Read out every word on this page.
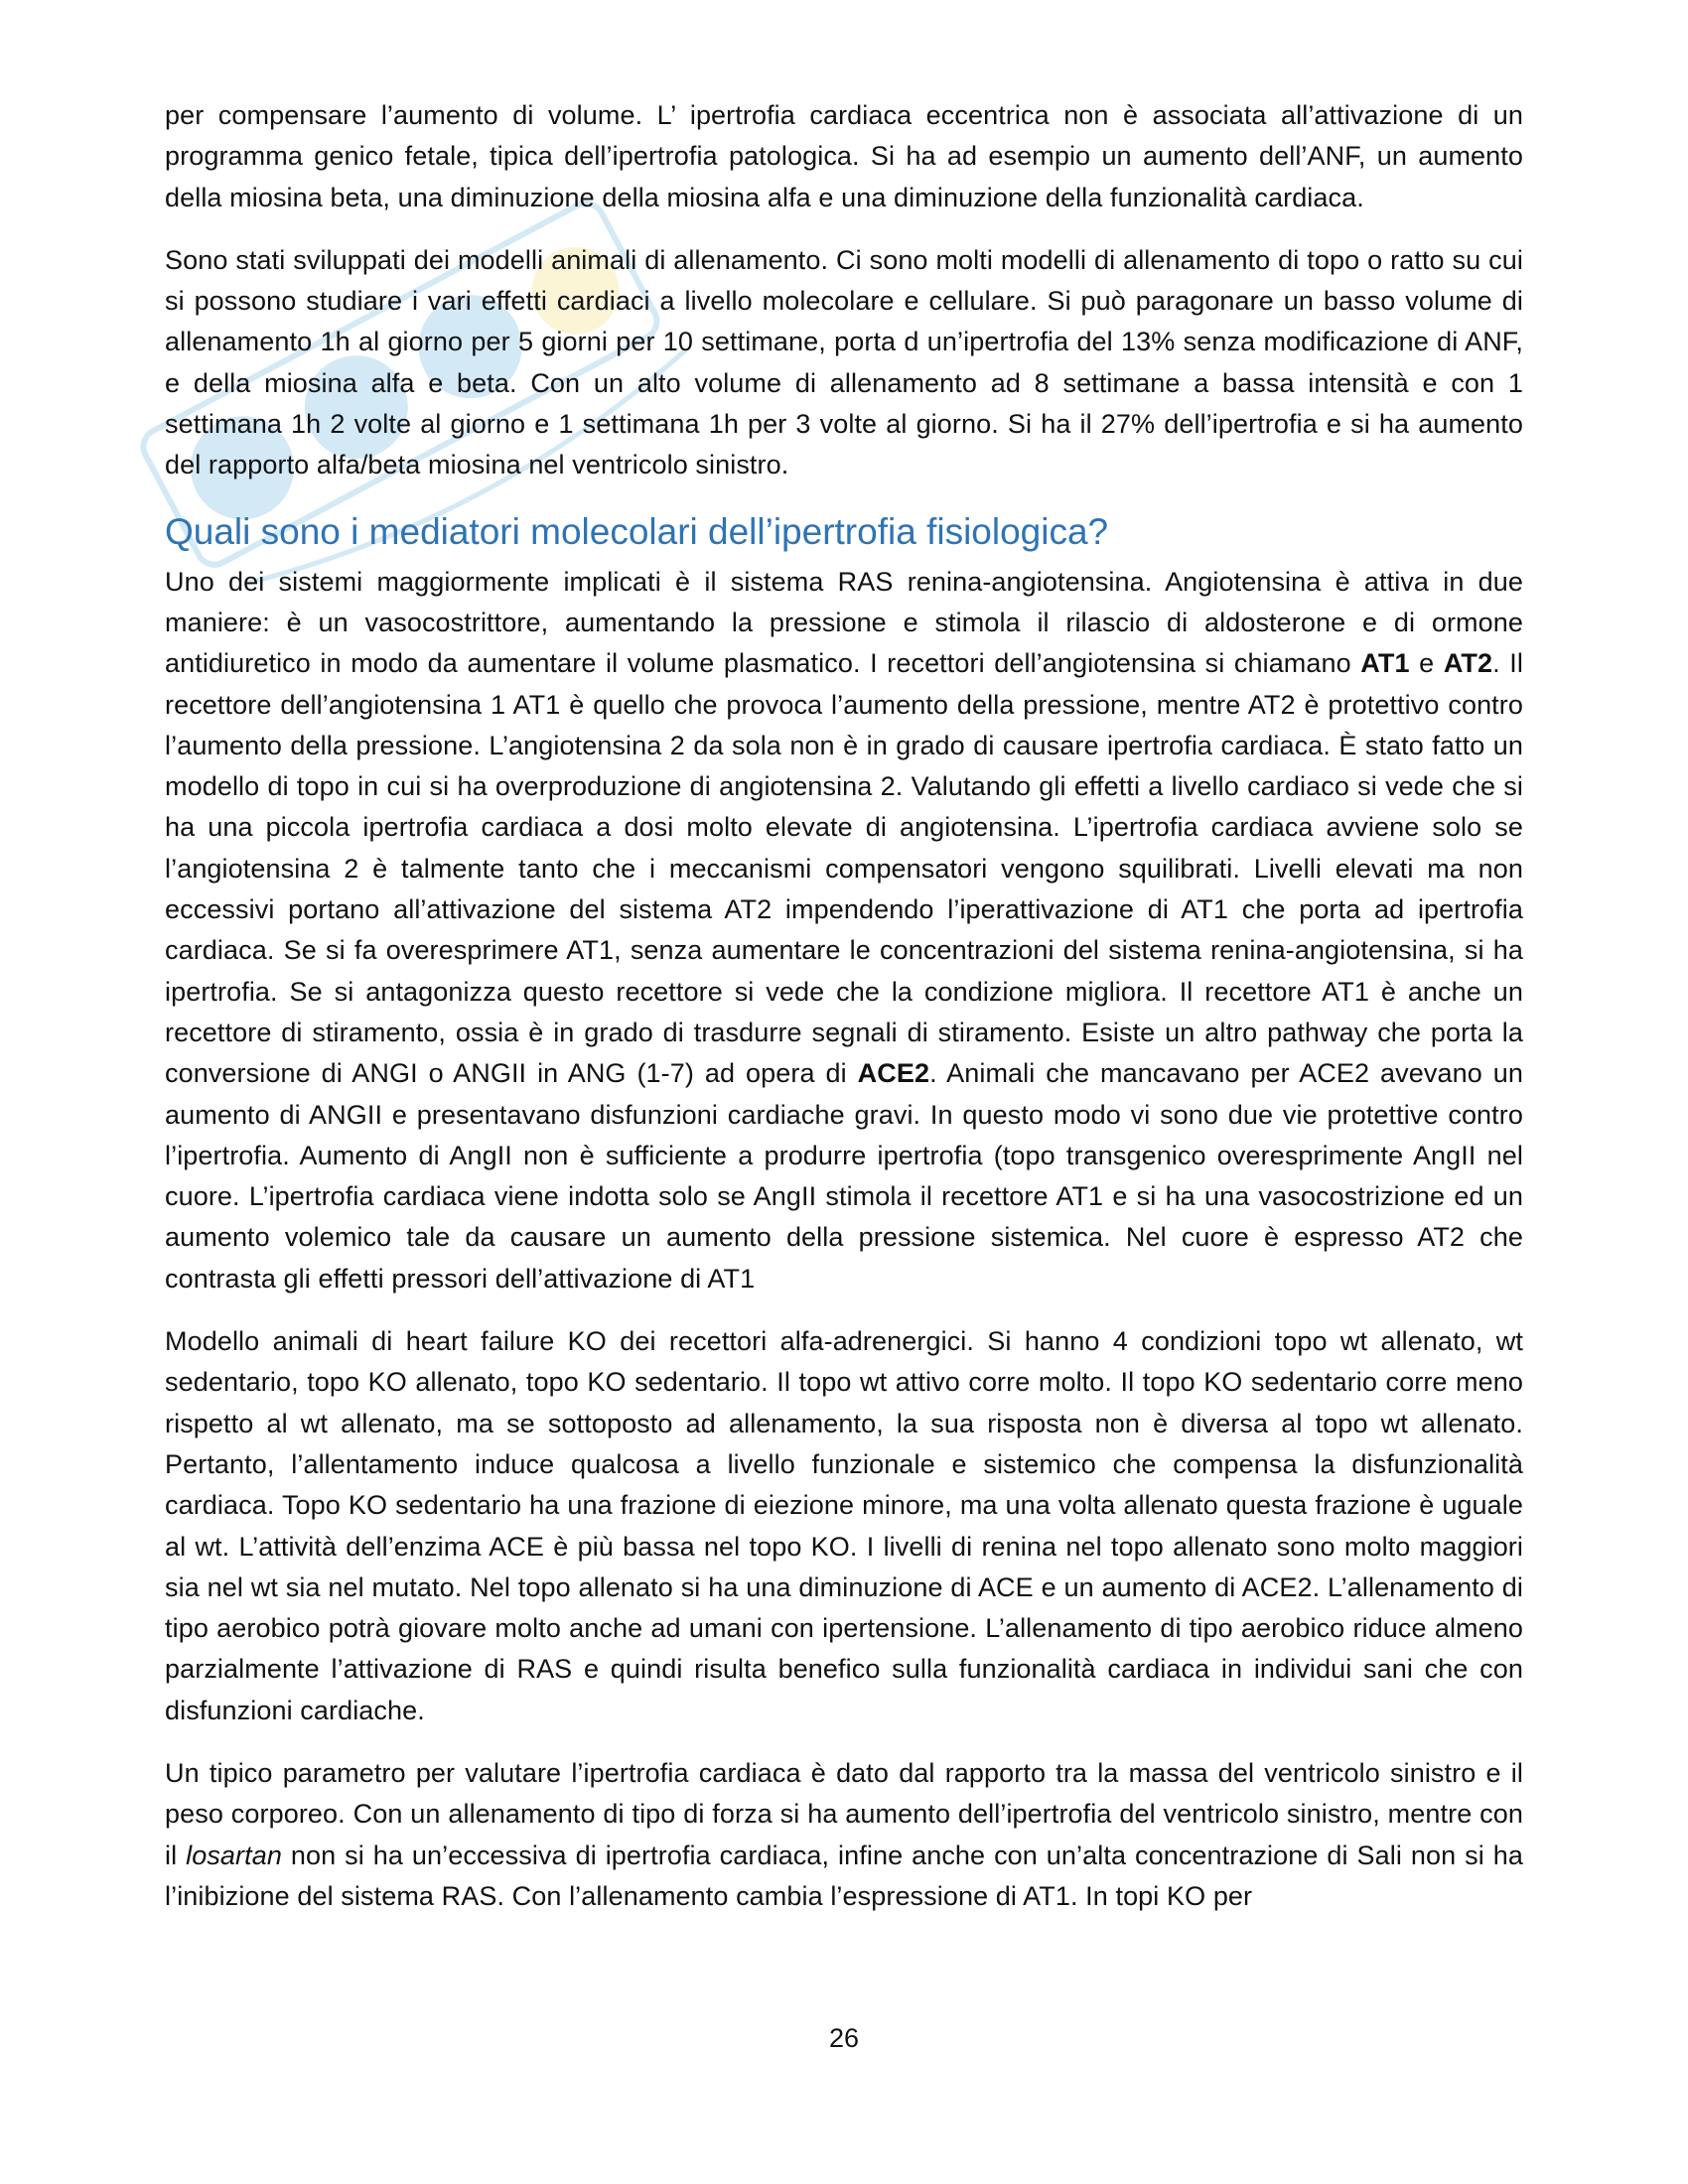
per compensare l’aumento di volume. L’ ipertrofia cardiaca eccentrica non è associata all’attivazione di un programma genico fetale, tipica dell’ipertrofia patologica. Si ha ad esempio un aumento dell’ANF, un aumento della miosina beta, una diminuzione della miosina alfa e una diminuzione della funzionalità cardiaca.

Sono stati sviluppati dei modelli animali di allenamento. Ci sono molti modelli di allenamento di topo o ratto su cui si possono studiare i vari effetti cardiaci a livello molecolare e cellulare. Si può paragonare un basso volume di allenamento 1h al giorno per 5 giorni per 10 settimane, porta d un’ipertrofia del 13% senza modificazione di ANF, e della miosina alfa e beta. Con un alto volume di allenamento ad 8 settimane a bassa intensità e con 1 settimana 1h 2 volte al giorno e 1 settimana 1h per 3 volte al giorno. Si ha il 27% dell’ipertrofia e si ha aumento del rapporto alfa/beta miosina nel ventricolo sinistro.

Quali sono i mediatori molecolari dell’ipertrofia fisiologica?

Uno dei sistemi maggiormente implicati è il sistema RAS renina-angiotensina. Angiotensina è attiva in due maniere: è un vasocostrittore, aumentando la pressione e stimola il rilascio di aldosterone e di ormone antidiuretico in modo da aumentare il volume plasmatico. I recettori dell’angiotensina si chiamano AT1 e AT2. Il recettore dell’angiotensina 1 AT1 è quello che provoca l’aumento della pressione, mentre AT2 è protettivo contro l’aumento della pressione. L’angiotensina 2 da sola non è in grado di causare ipertrofia cardiaca. È stato fatto un modello di topo in cui si ha overproduzione di angiotensina 2. Valutando gli effetti a livello cardiaco si vede che si ha una piccola ipertrofia cardiaca a dosi molto elevate di angiotensina. L’ipertrofia cardiaca avviene solo se l’angiotensina 2 è talmente tanto che i meccanismi compensatori vengono squilibrati. Livelli elevati ma non eccessivi portano all’attivazione del sistema AT2 impendendo l’iperattivazione di AT1 che porta ad ipertrofia cardiaca. Se si fa overesprimere AT1, senza aumentare le concentrazioni del sistema renina-angiotensina, si ha ipertrofia. Se si antagonizza questo recettore si vede che la condizione migliora. Il recettore AT1 è anche un recettore di stiramento, ossia è in grado di trasdurre segnali di stiramento. Esiste un altro pathway che porta la conversione di ANGI o ANGII in ANG (1-7) ad opera di ACE2. Animali che mancavano per ACE2 avevano un aumento di ANGII e presentavano disfunzioni cardiache gravi. In questo modo vi sono due vie protettive contro l’ipertrofia. Aumento di AngII non è sufficiente a produrre ipertrofia (topo transgenico overesprimente AngII nel cuore. L’ipertrofia cardiaca viene indotta solo se AngII stimola il recettore AT1 e si ha una vasocostrizione ed un aumento volemico tale da causare un aumento della pressione sistemica. Nel cuore è espresso AT2 che contrasta gli effetti pressori dell’attivazione di AT1

Modello animali di heart failure KO dei recettori alfa-adrenergici. Si hanno 4 condizioni topo wt allenato, wt sedentario, topo KO allenato, topo KO sedentario. Il topo wt attivo corre molto. Il topo KO sedentario corre meno rispetto al wt allenato, ma se sottoposto ad allenamento, la sua risposta non è diversa al topo wt allenato. Pertanto, l’allentamento induce qualcosa a livello funzionale e sistemico che compensa la disfunzionalità cardiaca. Topo KO sedentario ha una frazione di eiezione minore, ma una volta allenato questa frazione è uguale al wt. L’attività dell’enzima ACE è più bassa nel topo KO. I livelli di renina nel topo allenato sono molto maggiori sia nel wt sia nel mutato. Nel topo allenato si ha una diminuzione di ACE e un aumento di ACE2. L’allenamento di tipo aerobico potrà giovare molto anche ad umani con ipertensione. L’allenamento di tipo aerobico riduce almeno parzialmente l’attivazione di RAS e quindi risulta benefico sulla funzionalità cardiaca in individui sani che con disfunzioni cardiache.

Un tipico parametro per valutare l’ipertrofia cardiaca è dato dal rapporto tra la massa del ventricolo sinistro e il peso corporeo. Con un allenamento di tipo di forza si ha aumento dell’ipertrofia del ventricolo sinistro, mentre con il losartan non si ha un’eccessiva di ipertrofia cardiaca, infine anche con un’alta concentrazione di Sali non si ha l’inibizione del sistema RAS. Con l’allenamento cambia l’espressione di AT1. In topi KO per

26
